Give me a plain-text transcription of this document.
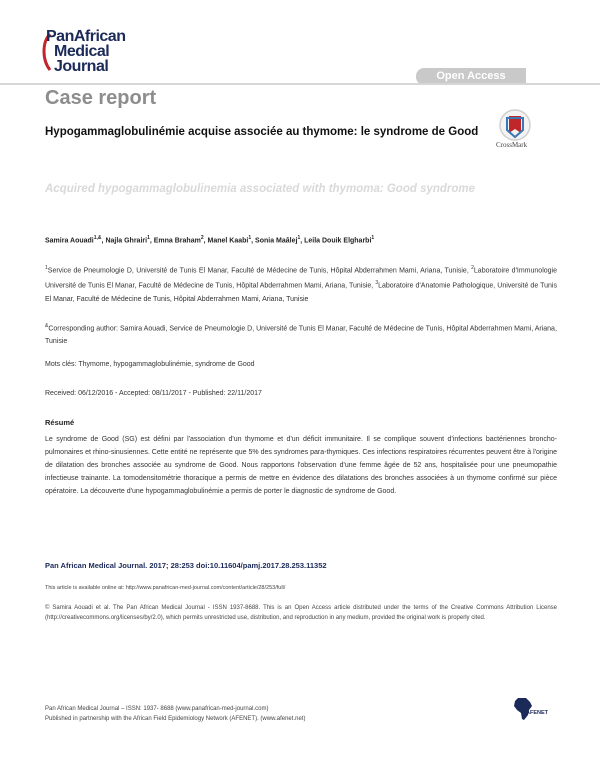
PanAfrican
Medical
Journal
Open Access
Case report
Hypogammaglobulinémie acquise associée au thymome: le syndrome de Good
CrossMark
Acquired hypogammaglobulinemia associated with thymoma: Good syndrome
Samira Aouadi$^{1,\&}$, Najla Ghrairi$^1$, Emna Braham$^2$, Manel Kaabi$^1$, Sonia Maâlej$^1$, Leila Douik Elgharbi$^1$
$^1$Service de Pneumologie D, Université de Tunis El Manar, Faculté de Médecine de Tunis, Hôpital Abderrahmen Mami, Ariana, Tunisie, $^2$Laboratoire d'Immunologie Université de Tunis El Manar, Faculté de Médecine de Tunis, Hôpital Abderrahmen Mami, Ariana, Tunisie, $^3$Laboratoire d'Anatomie Pathologique, Université de Tunis El Manar, Faculté de Médecine de Tunis, Hôpital Abderrahmen Mami, Ariana, Tunisie
&Corresponding author: Samira Aouadi, Service de Pneumologie D, Université de Tunis El Manar, Faculté de Médecine de Tunis, Hôpital Abderrahmen Mami, Ariana, Tunisie
Mots clés: Thymome, hypogammaglobulinémie, syndrome de Good
Received: 06/12/2016 - Accepted: 08/11/2017 - Published: 22/11/2017
Résumé
Le syndrome de Good (SG) est défini par l'association d'un thymome et d'un déficit immunitaire. Il se complique souvent d'infections bactériennes broncho-pulmonaires et rhino-sinusiennes. Cette entité ne représente que 5% des syndromes para-thymiques. Ces infections respiratoires récurrentes peuvent être à l'origine de dilatation des bronches associée au syndrome de Good. Nous rapportons l'observation d'une femme âgée de 52 ans, hospitalisée pour une pneumopathie infectieuse trainante. La tomodensitométrie thoracique a permis de mettre en évidence des dilatations des bronches associées à un thymome confirmé sur pièce opératoire. La découverte d'une hypogammaglobulinémie a permis de porter le diagnostic de syndrome de Good.
Pan African Medical Journal. 2017; 28:253 doi:10.11604/pamj.2017.28.253.11352
This article is available online at: http://www.panafrican-med-journal.com/content/article/28/253/full/
© Samira Aouadi et al. The Pan African Medical Journal - ISSN 1937-8688. This is an Open Access article distributed under the terms of the Creative Commons Attribution License (http://creativecommons.org/licenses/by/2.0), which permits unrestricted use, distribution, and reproduction in any medium, provided the original work is properly cited.
Pan African Medical Journal – ISSN: 1937- 8688 (www.panafrican-med-journal.com)
Published in partnership with the African Field Epidemiology Network (AFENET). (www.afenet.net)
AFENET
